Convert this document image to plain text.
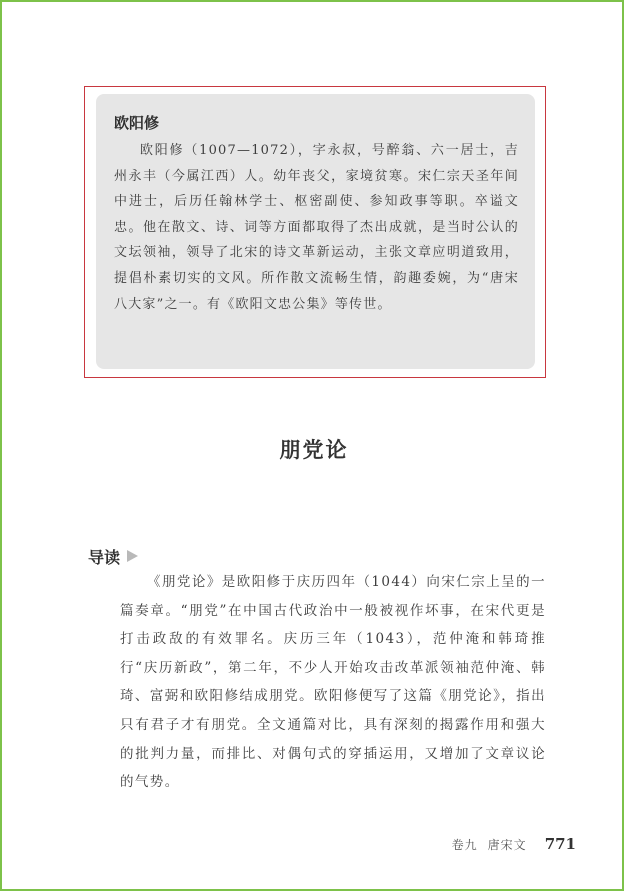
欧阳修

欧阳修（1007—1072），字永叔，号醉翁、六一居士，吉州永丰（今属江西）人。幼年丧父，家境贫寒。宋仁宗天圣年间中进士，后历任翰林学士、枢密副使、参知政事等职。卒谥文忠。他在散文、诗、词等方面都取得了杰出成就，是当时公认的文坛领袖，领导了北宋的诗文革新运动，主张文章应明道致用，提倡朴素切实的文风。所作散文流畅生情，韵趣委婉，为“唐宋八大家”之一。有《欧阳文忠公集》等传世。

朋党论
导读

《朋党论》是欧阳修于庆历四年（1044）向宋仁宗上呈的一篇奏章。“朋党”在中国古代政治中一般被视作坏事，在宋代更是打击政敌的有效罪名。庆历三年（1043），范仲淹和韩琦推行“庆历新政”，第二年，不少人开始攻击改革派领袖范仲淹、韩琦、富弼和欧阳修结成朋党。欧阳修便写了这篇《朋党论》，指出只有君子才有朋党。全文通篇对比，具有深刻的揭露作用和强大的批判力量，而排比、对偶句式的穿插运用，又增加了文章议论的气势。

卷九 唐宋文 771
